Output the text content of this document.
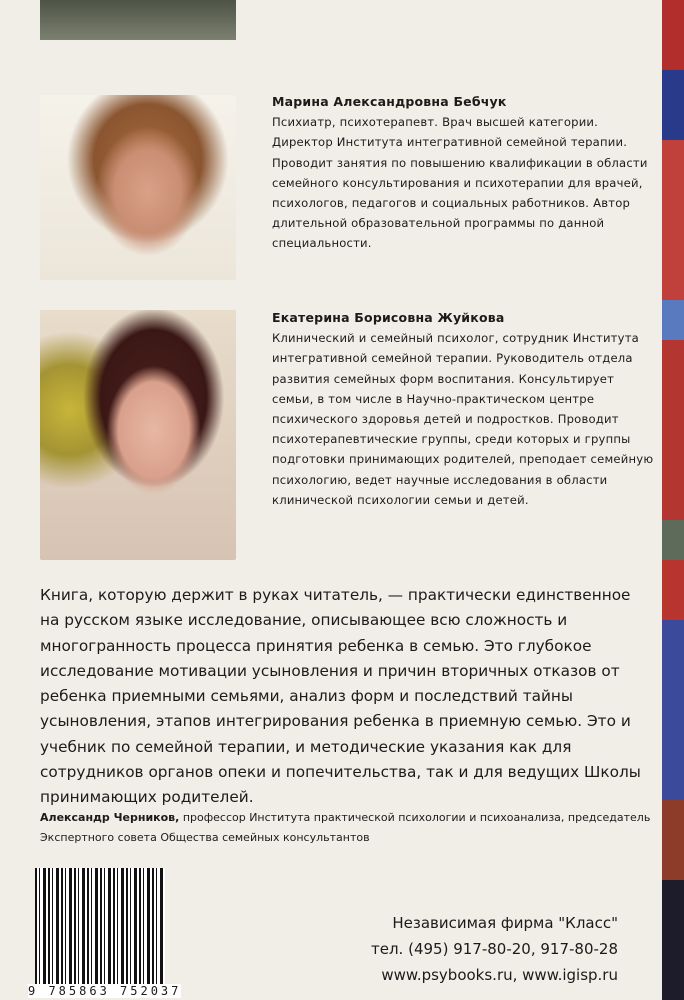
Марина Александровна Бебчук

Психиатр, психотерапевт. Врач высшей категории. Директор Института интегративной семейной терапии. Проводит занятия по повышению квалификации в области семейного консультирования и психотерапии для врачей, психологов, педагогов и социальных работников. Автор длительной образовательной программы по данной специальности.

Екатерина Борисовна Жуйкова

Клинический и семейный психолог, сотрудник Института интегративной семейной терапии. Руководитель отдела развития семейных форм воспитания. Консультирует семьи, в том числе в Научно-практическом центре психического здоровья детей и подростков. Проводит психотерапевтические группы, среди которых и группы подготовки принимающих родителей, преподает семейную психологию, ведет научные исследования в области клинической психологии семьи и детей.

Книга, которую держит в руках читатель, — практически единственное на русском языке исследование, описывающее всю сложность и многогранность процесса принятия ребенка в семью. Это глубокое исследование мотивации усыновления и причин вторичных отказов от ребенка приемными семьями, анализ форм и последствий тайны усыновления, этапов интегрирования ребенка в приемную семью. Это и учебник по семейной терапии, и методические указания как для сотрудников органов опеки и попечительства, так и для ведущих Школы принимающих родителей.
Александр Черников, профессор Института практической психологии и психоанализа, председатель Экспертного совета Общества семейных консультантов
9 785863 752037
Независимая фирма "Класс"
тел. (495) 917-80-20, 917-80-28
www.psybooks.ru, www.igisp.ru
